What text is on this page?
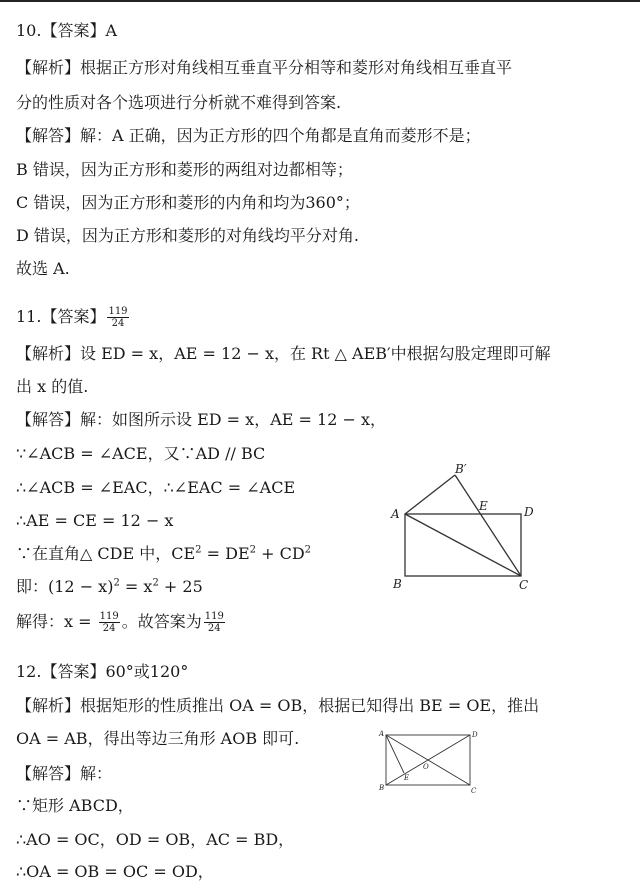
10.【答案】A
【解析】根据正方形对角线相互垂直平分相等和菱形对角线相互垂直平
分的性质对各个选项进行分析就不难得到答案.
【解答】解：A 正确，因为正方形的四个角都是直角而菱形不是；
B 错误，因为正方形和菱形的两组对边都相等；
C 错误，因为正方形和菱形的内角和均为360°；
D 错误，因为正方形和菱形的对角线均平分对角.
故选 A.
11.【答案】 $\frac{119}{24}$
【解析】设 ED = x，AE = 12 − x，在 Rt △ AEB′中根据勾股定理即可解
出 x 的值.
【解答】解：如图所示设 ED = x，AE = 12 − x，
∵∠ACB = ∠ACE，又∵AD // BC
∴∠ACB = ∠EAC，∴∠EAC = ∠ACE
∴AE = CE = 12 − x
∵在直角△ CDE 中，$CE^2 = DE^2 + CD^2$
即：$(12 - x)^2 = x^2 + 25$
解得：$x = \frac{119}{24}$ 。故答案为 $\frac{119}{24}$
A
B
B′
C
D
E
12.【答案】60°或120°
【解析】根据矩形的性质推出 OA = OB，根据已知得出 BE = OE，推出
OA = AB，得出等边三角形 AOB 即可.
【解答】解：
∵矩形 ABCD，
∴AO = OC，OD = OB，AC = BD，
∴OA = OB = OC = OD，
A
B	C
D
E
O
